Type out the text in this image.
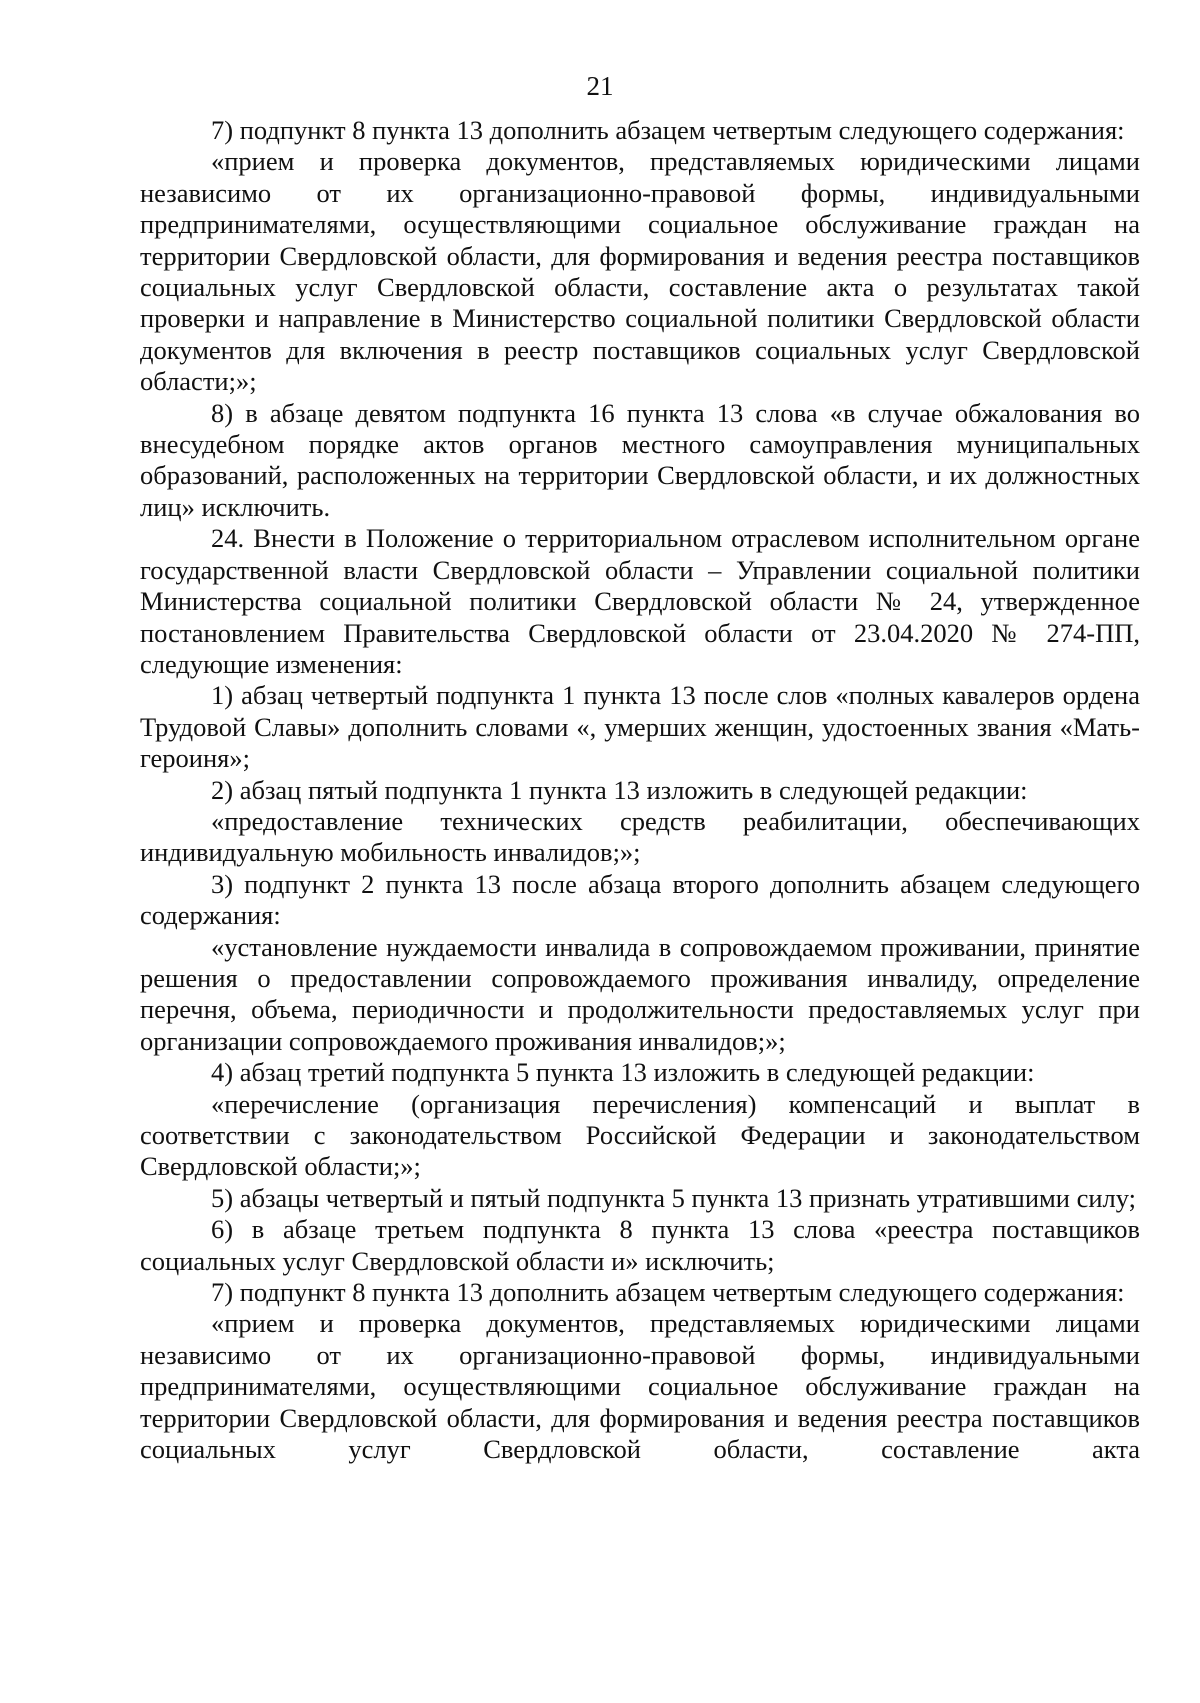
21

7) подпункт 8 пункта 13 дополнить абзацем четвертым следующего содержания:

«прием и проверка документов, представляемых юридическими лицами независимо от их организационно-правовой формы, индивидуальными предпринимателями, осуществляющими социальное обслуживание граждан на территории Свердловской области, для формирования и ведения реестра поставщиков социальных услуг Свердловской области, составление акта о результатах такой проверки и направление в Министерство социальной политики Свердловской области документов для включения в реестр поставщиков социальных услуг Свердловской области;»;

8) в абзаце девятом подпункта 16 пункта 13 слова «в случае обжалования во внесудебном порядке актов органов местного самоуправления муниципальных образований, расположенных на территории Свердловской области, и их должностных лиц» исключить.

24. Внести в Положение о территориальном отраслевом исполнительном органе государственной власти Свердловской области – Управлении социальной политики Министерства социальной политики Свердловской области № 24, утвержденное постановлением Правительства Свердловской области от 23.04.2020 № 274-ПП, следующие изменения:

1) абзац четвертый подпункта 1 пункта 13 после слов «полных кавалеров ордена Трудовой Славы» дополнить словами «, умерших женщин, удостоенных звания «Мать-героиня»;

2) абзац пятый подпункта 1 пункта 13 изложить в следующей редакции:

«предоставление технических средств реабилитации, обеспечивающих индивидуальную мобильность инвалидов;»;

3) подпункт 2 пункта 13 после абзаца второго дополнить абзацем следующего содержания:

«установление нуждаемости инвалида в сопровождаемом проживании, принятие решения о предоставлении сопровождаемого проживания инвалиду, определение перечня, объема, периодичности и продолжительности предоставляемых услуг при организации сопровождаемого проживания инвалидов;»;

4) абзац третий подпункта 5 пункта 13 изложить в следующей редакции:

«перечисление (организация перечисления) компенсаций и выплат в соответствии с законодательством Российской Федерации и законодательством Свердловской области;»;

5) абзацы четвертый и пятый подпункта 5 пункта 13 признать утратившими силу;

6) в абзаце третьем подпункта 8 пункта 13 слова «реестра поставщиков социальных услуг Свердловской области и» исключить;

7) подпункт 8 пункта 13 дополнить абзацем четвертым следующего содержания:

«прием и проверка документов, представляемых юридическими лицами независимо от их организационно-правовой формы, индивидуальными предпринимателями, осуществляющими социальное обслуживание граждан на территории Свердловской области, для формирования и ведения реестра поставщиков социальных услуг Свердловской области, составление акта
